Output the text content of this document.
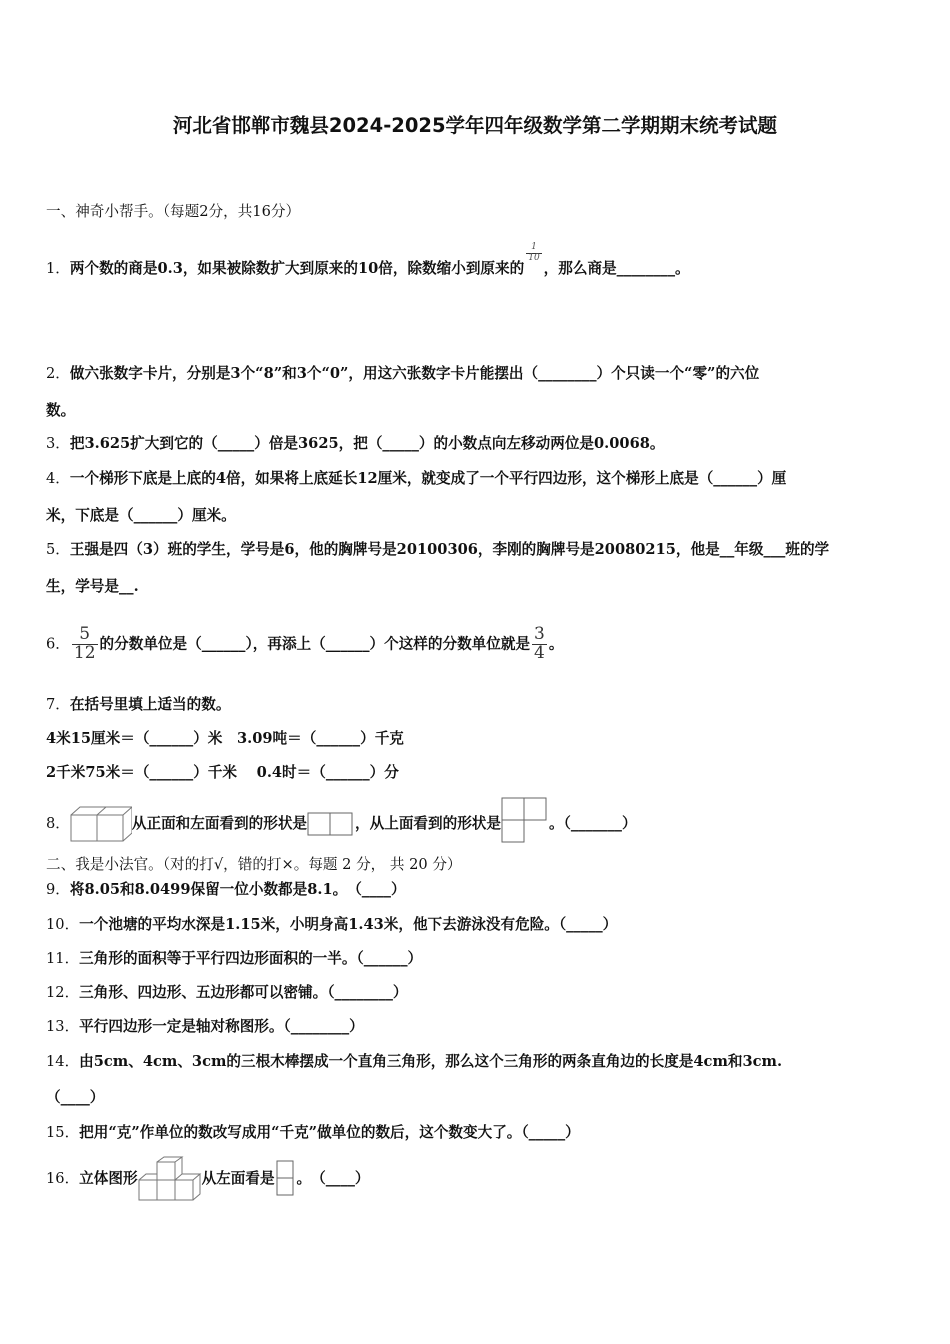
河北省邯郸市魏县2024-2025学年四年级数学第二学期期末统考试题
一、神奇小帮手。（每题2分，共16分）
1．两个数的商是0.3，如果被除数扩大到原来的10倍，除数缩小到原来的
$\frac{1}{10}$
，那么商是________。
2．做六张数字卡片，分别是3个“8”和3个“0”，用这六张数字卡片能摆出（________）个只读一个“零”的六位
数。
3．把3.625扩大到它的（_____）倍是3625，把（_____）的小数点向左移动两位是0.0068。
4．一个梯形下底是上底的4倍，如果将上底延长12厘米，就变成了一个平行四边形，这个梯形上底是（______）厘
米，下底是（______）厘米。
5．王强是四（3）班的学生，学号是6，他的胸牌号是20100306，李刚的胸牌号是20080215，他是__年级___班的学
生，学号是__.
6． $\frac{5}{12}$ 的分数单位是（______），再添上（______）个这样的分数单位就是 $\frac{3}{4}$ 。
7．在括号里填上适当的数。
4米15厘米＝（______）米　3.09吨＝（______）千克
2千米75米＝（______）千米　 0.4时＝（______）分
8．	从正面和左面看到的形状是	，从上面看到的形状是	。（_______）
二、我是小法官。（对的打√，错的打×。每题 2 分， 共 20 分）
9．将8.05和8.0499保留一位小数都是8.1。　（____）
10．一个池塘的平均水深是1.15米，小明身高1.43米，他下去游泳没有危险。（_____）
11．三角形的面积等于平行四边形面积的一半。（______）
12．三角形、四边形、五边形都可以密铺。（________）
13．平行四边形一定是轴对称图形。（________）
14．由5cm、4cm、3cm的三根木棒摆成一个直角三角形，那么这个三角形的两条直角边的长度是4cm和3cm.
（____）
15．把用“克”作单位的数改写成用“千克”做单位的数后，这个数变大了。（_____）
16．立体图形	从左面看是 。　（____）
